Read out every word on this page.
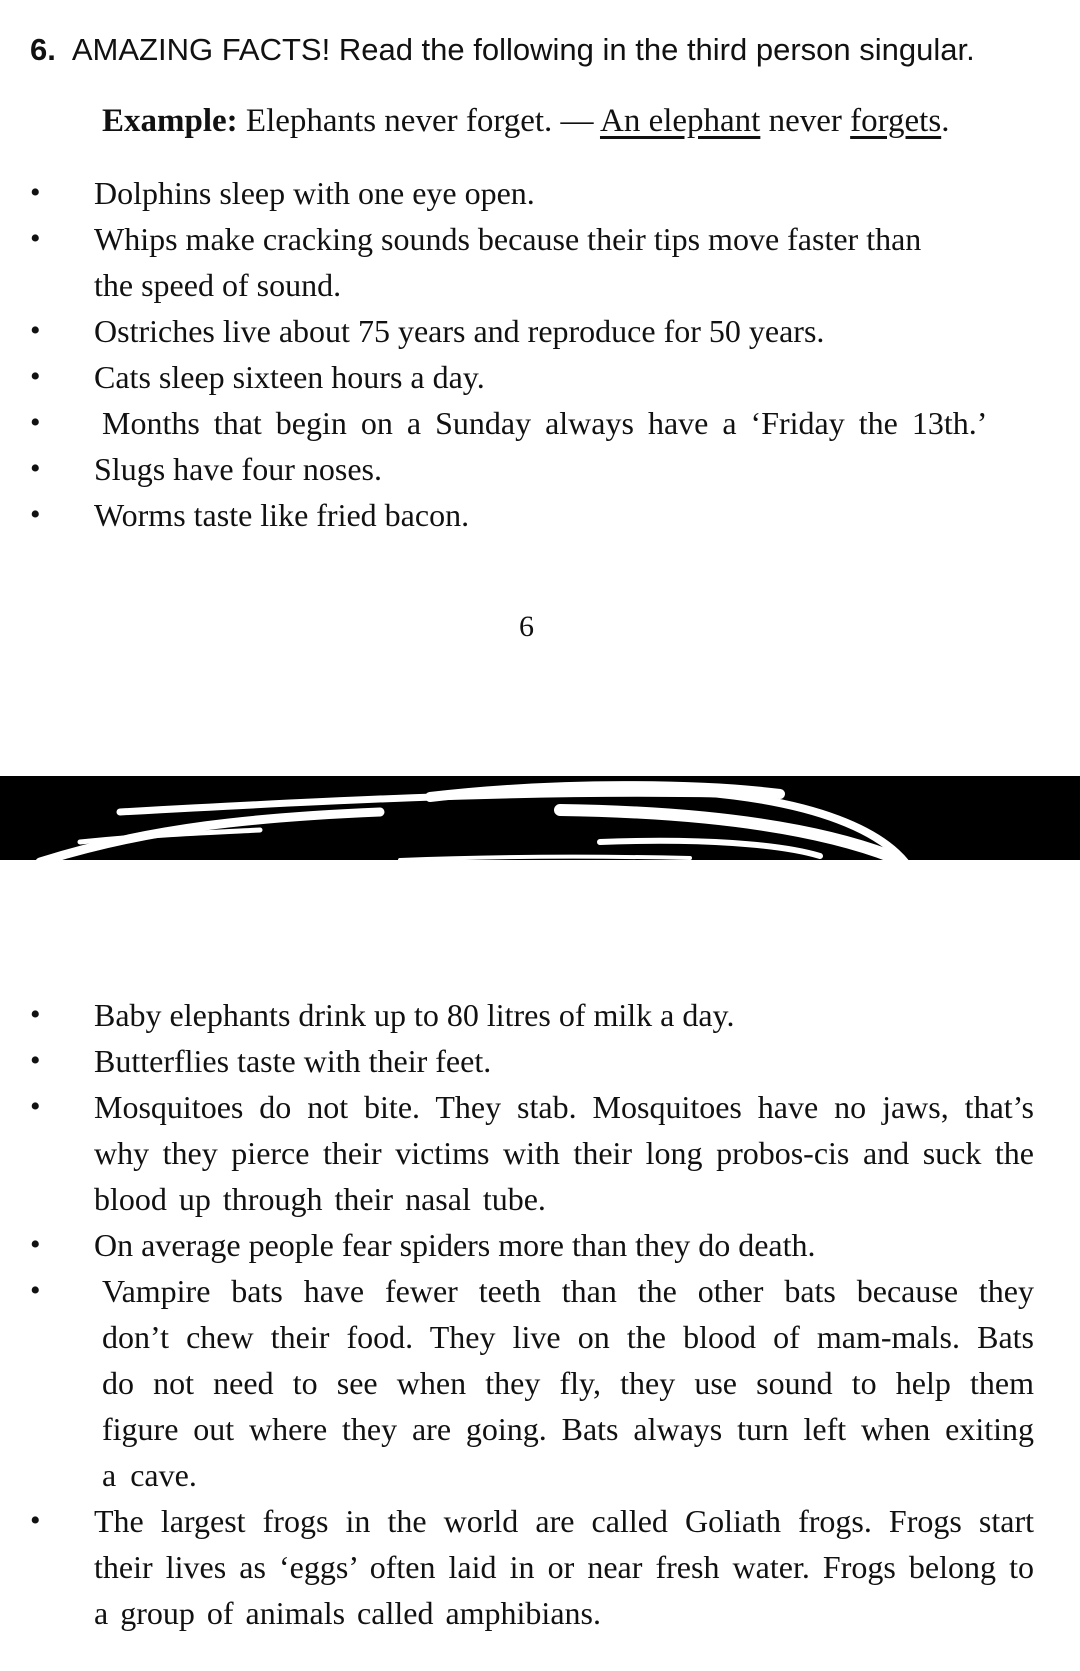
6. AMAZING FACTS! Read the following in the third person singular.
Example: Elephants never forget. — An elephant never forgets.
• Dolphins sleep with one eye open.
• Whips make cracking sounds because their tips move faster than the speed of sound.
• Ostriches live about 75 years and reproduce for 50 years.
• Cats sleep sixteen hours a day.
• Months that begin on a Sunday always have a ‘Friday the 13th.’
• Slugs have four noses.
• Worms taste like fried bacon.
6
• Baby elephants drink up to 80 litres of milk a day.
• Butterflies taste with their feet.
• Mosquitoes do not bite. They stab. Mosquitoes have no jaws, that’s why they pierce their victims with their long probos-cis and suck the blood up through their nasal tube.
• On average people fear spiders more than they do death.
• Vampire bats have fewer teeth than the other bats because they don’t chew their food. They live on the blood of mam-mals. Bats do not need to see when they fly, they use sound to help them figure out where they are going. Bats always turn left when exiting a cave.
• The largest frogs in the world are called Goliath frogs. Frogs start their lives as ‘eggs’ often laid in or near fresh water. Frogs belong to a group of animals called amphibians.
